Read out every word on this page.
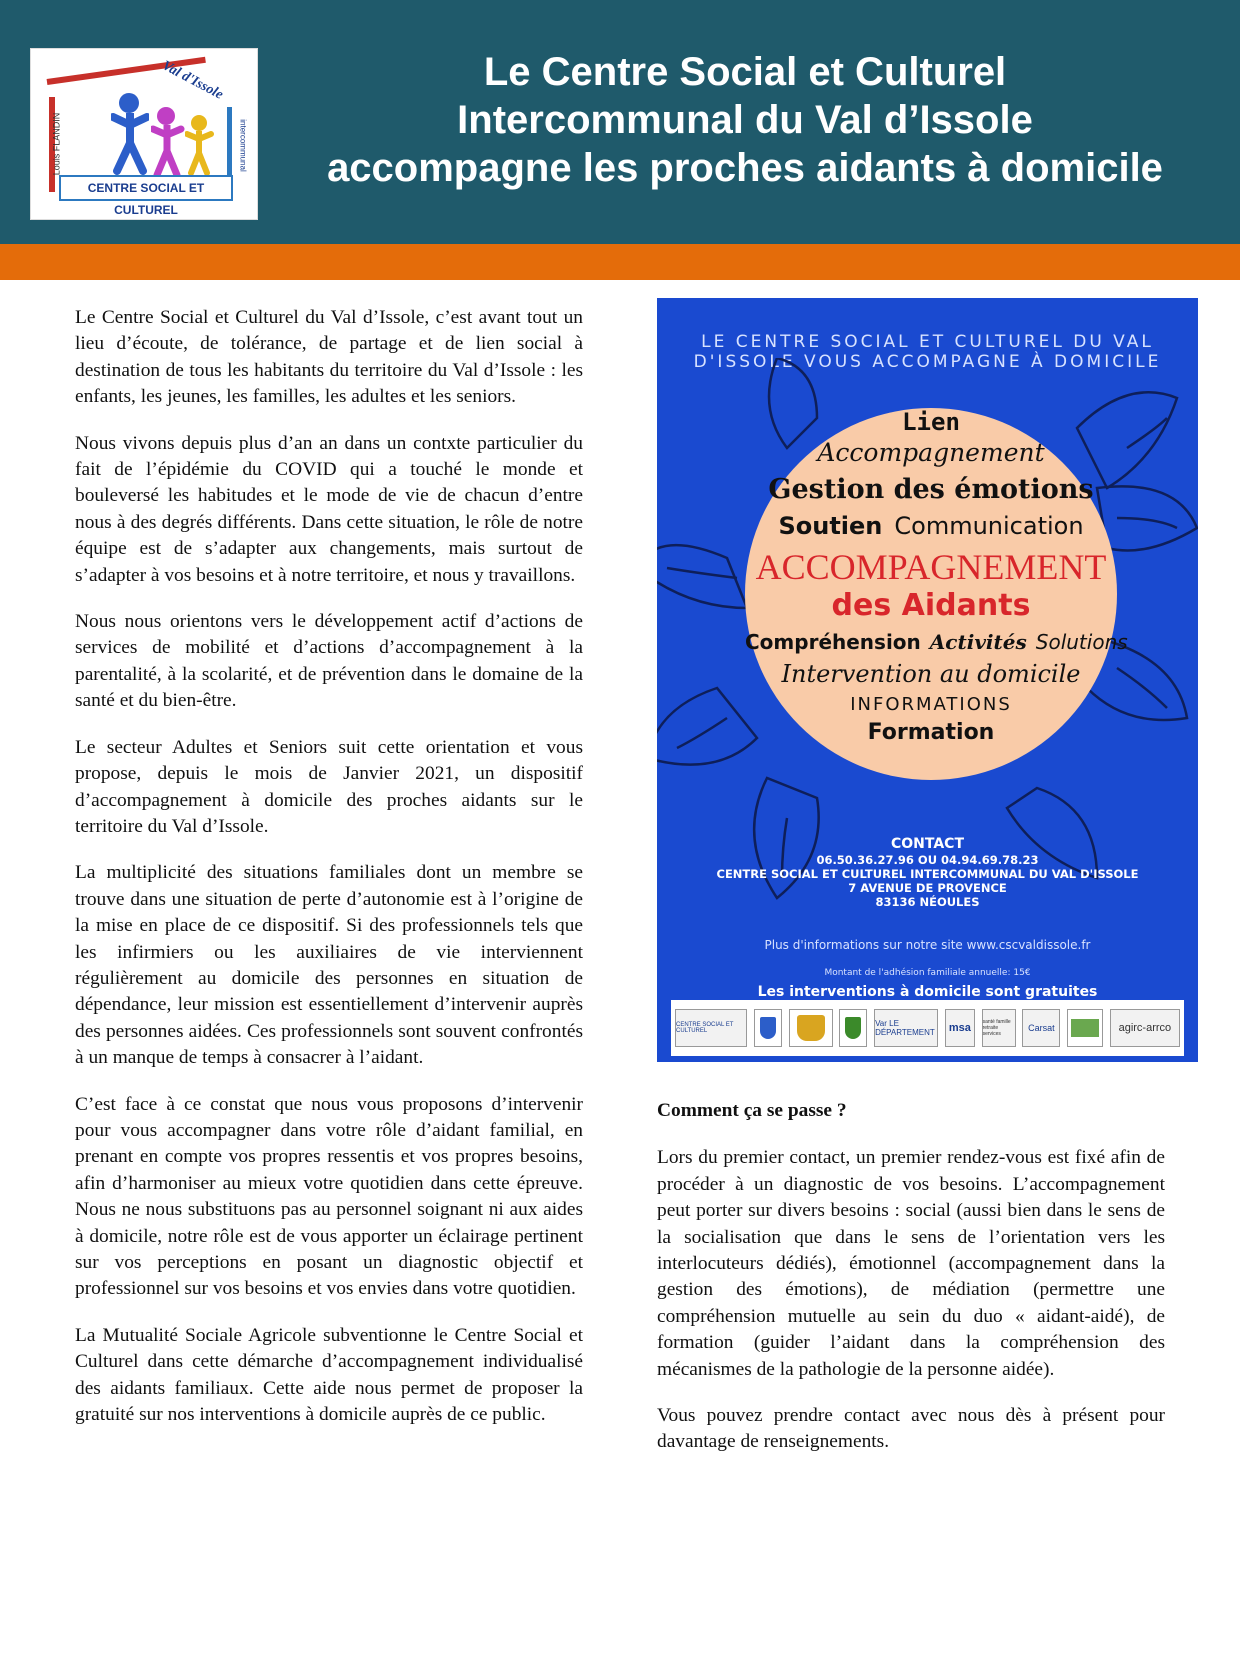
Val d'Issole
Louis FLANDIN	intercommunal
CENTRE SOCIAL ET CULTUREL
Le Centre Social et Culturel
Intercommunal du Val d’Issole
accompagne les proches aidants à domicile

Le Centre Social et Culturel du Val d’Issole, c’est avant tout un lieu d’écoute, de tolérance, de partage et de lien social à destination de tous les habitants du territoire du Val d’Issole : les enfants, les jeunes, les familles, les adultes et les seniors.

Nous vivons depuis plus d’an an dans un contxte particulier du fait de l’épidémie du COVID qui a touché le monde et bouleversé les habitudes et le mode de vie de chacun d’entre nous à des degrés différents. Dans cette situation, le rôle de notre équipe est de s’adapter aux changements, mais surtout de s’adapter à vos besoins et à notre territoire, et nous y travaillons.

Nous nous orientons vers le développement actif d’actions de services de mobilité et d’actions d’accompagnement à la parentalité, à la scolarité, et de prévention dans le domaine de la santé et du bien-être.

Le secteur Adultes et Seniors suit cette orientation et vous propose, depuis le mois de Janvier 2021, un dispositif d’accompagnement à domicile des proches aidants sur le territoire du Val d’Issole.

La multiplicité des situations familiales dont un membre se trouve dans une situation de perte d’autonomie est à l’origine de la mise en place de ce dispositif. Si des professionnels tels que les infirmiers ou les auxiliaires de vie interviennent régulièrement au domicile des personnes en situation de dépendance, leur mission est essentiellement d’intervenir auprès des personnes aidées. Ces professionnels sont souvent confrontés à un manque de temps à consacrer à l’aidant.

C’est face à ce constat que nous vous proposons d’intervenir pour vous accompagner dans votre rôle d’aidant familial, en prenant en compte vos propres ressentis et vos propres besoins, afin d’harmoniser au mieux votre quotidien dans cette épreuve. Nous ne nous substituons pas au personnel soignant ni aux aides à domicile, notre rôle est de vous apporter un éclairage pertinent sur vos perceptions en posant un diagnostic objectif et professionnel sur vos besoins et vos envies dans votre quotidien.

La Mutualité Sociale Agricole subventionne le Centre Social et Culturel dans cette démarche d’accompagnement individualisé des aidants familiaux. Cette aide nous permet de proposer la gratuité sur nos interventions à domicile auprès de ce public.

LE CENTRE SOCIAL ET CULTUREL DU VAL
D'ISSOLE VOUS ACCOMPAGNE À DOMICILE
Lien
Accompagnement
Gestion des émotions
Soutien Communication
ACCOMPAGNEMENT
des Aidants
Compréhension Activités Solutions
Intervention au domicile
INFORMATIONS
Formation
CONTACT
06.50.36.27.96 OU 04.94.69.78.23
CENTRE SOCIAL ET CULTUREL INTERCOMMUNAL DU VAL D'ISSOLE
7 AVENUE DE PROVENCE
83136 NÉOULES
Plus d'informations sur notre site www.cscvaldissole.fr
Montant de l'adhésion familiale annuelle: 15€
Les interventions à domicile sont gratuites
CENTRE SOCIAL ET CULTUREL
Var LE DÉPARTEMENT	msa	santé famille retraite services
Carsat	agirc-arrco
Comment ça se passe ?

Lors du premier contact, un premier rendez-vous est fixé afin de procéder à un diagnostic de vos besoins. L’accompagnement peut porter sur divers besoins : social (aussi bien dans le sens de la socialisation que dans le sens de l’orientation vers les interlocuteurs dédiés), émotionnel (accompagnement dans la gestion des émotions), de médiation (permettre une compréhension mutuelle au sein du duo « aidant-aidé), de formation (guider l’aidant dans la compréhension des mécanismes de la pathologie de la personne aidée).

Vous pouvez prendre contact avec nous dès à présent pour davantage de renseignements.
